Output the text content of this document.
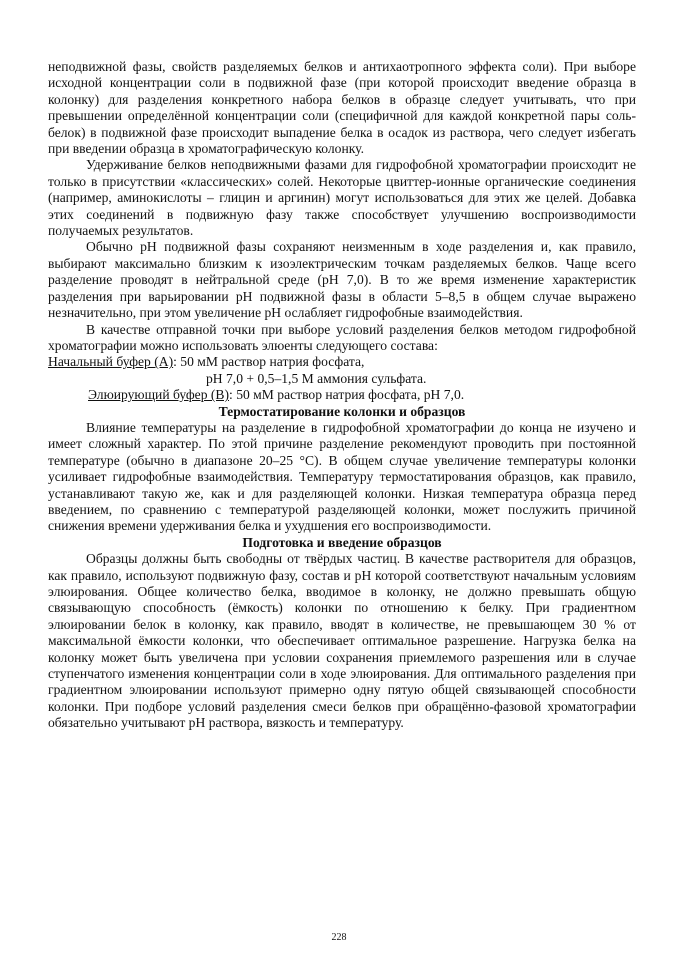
неподвижной фазы, свойств разделяемых белков и антихаотропного эффекта соли). При выборе исходной концентрации соли в подвижной фазе (при которой происходит введение образца в колонку) для разделения конкретного набора белков в образце следует учитывать, что при превышении определённой концентрации соли (специфичной для каждой конкретной пары соль-белок) в подвижной фазе происходит выпадение белка в осадок из раствора, чего следует избегать при введении образца в хроматографическую колонку.

Удерживание белков неподвижными фазами для гидрофобной хроматографии происходит не только в присутствии «классических» солей. Некоторые цвиттер-ионные органические соединения (например, аминокислоты – глицин и аргинин) могут использоваться для этих же целей. Добавка этих соединений в подвижную фазу также способствует улучшению воспроизводимости получаемых результатов.

Обычно pH подвижной фазы сохраняют неизменным в ходе разделения и, как правило, выбирают максимально близким к изоэлектрическим точкам разделяемых белков. Чаще всего разделение проводят в нейтральной среде (pH 7,0). В то же время изменение характеристик разделения при варьировании pH подвижной фазы в области 5–8,5 в общем случае выражено незначительно, при этом увеличение pH ослабляет гидрофобные взаимодействия.

В качестве отправной точки при выборе условий разделения белков методом гидрофобной хроматографии можно использовать элюенты следующего состава:

Начальный буфер (А): 50 мМ раствор натрия фосфата,

pH 7,0 + 0,5–1,5 М аммония сульфата.

Элюирующий буфер (В): 50 мМ раствор натрия фосфата, pH 7,0.

Термостатирование колонки и образцов

Влияние температуры на разделение в гидрофобной хроматографии до конца не изучено и имеет сложный характер. По этой причине разделение рекомендуют проводить при постоянной температуре (обычно в диапазоне 20–25 °C). В общем случае увеличение температуры колонки усиливает гидрофобные взаимодействия. Температуру термостатирования образцов, как правило, устанавливают такую же, как и для разделяющей колонки. Низкая температура образца перед введением, по сравнению с температурой разделяющей колонки, может послужить причиной снижения времени удерживания белка и ухудшения его воспроизводимости.

Подготовка и введение образцов

Образцы должны быть свободны от твёрдых частиц. В качестве растворителя для образцов, как правило, используют подвижную фазу, состав и pH которой соответствуют начальным условиям элюирования. Общее количество белка, вводимое в колонку, не должно превышать общую связывающую способность (ёмкость) колонки по отношению к белку. При градиентном элюировании белок в колонку, как правило, вводят в количестве, не превышающем 30 % от максимальной ёмкости колонки, что обеспечивает оптимальное разрешение. Нагрузка белка на колонку может быть увеличена при условии сохранения приемлемого разрешения или в случае ступенчатого изменения концентрации соли в ходе элюирования. Для оптимального разделения при градиентном элюировании используют примерно одну пятую общей связывающей способности колонки. При подборе условий разделения смеси белков при обращённо-фазовой хроматографии обязательно учитывают pH раствора, вязкость и температуру.

228
